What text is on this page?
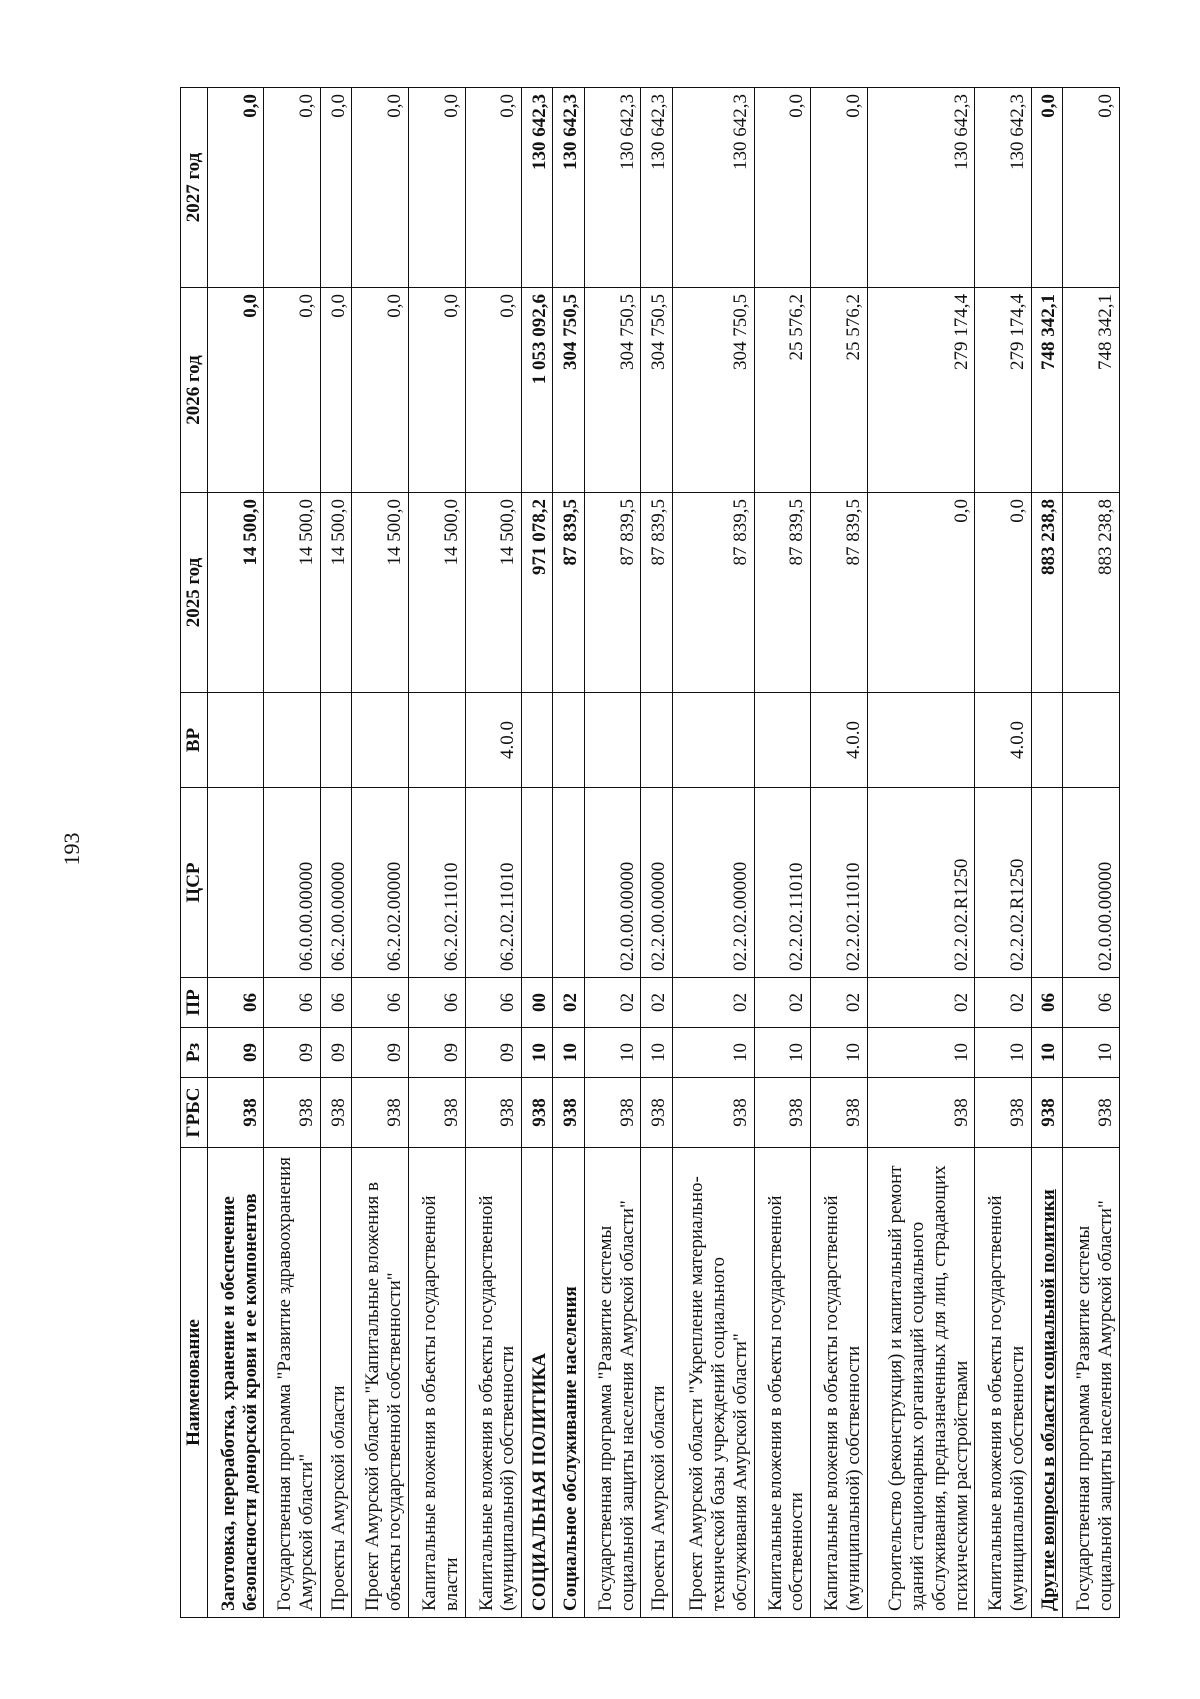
193
Наименование	ГРБС	Рз	ПР	ЦСР	ВР	2025 год	2026 год	2027 год
Заготовка, переработка, хранение и обеспечение безопасности донорской крови и ее компонентов	938	09	06			14 500,0	0,0	0,0
Государственная программа "Развитие здравоохранения Амурской области"	938	09	06	06.0.00.00000		14 500,0	0,0	0,0
Проекты Амурской области	938	09	06	06.2.00.00000		14 500,0	0,0	0,0
Проект Амурской области "Капитальные вложения в объекты государственной собственности"	938	09	06	06.2.02.00000		14 500,0	0,0	0,0
Капитальные вложения в объекты государственной власти	938	09	06	06.2.02.11010		14 500,0	0,0	0,0
Капитальные вложения в объекты государственной (муниципальной) собственности	938	09	06	06.2.02.11010	4.0.0	14 500,0	0,0	0,0
СОЦИАЛЬНАЯ ПОЛИТИКА	938	10	00			971 078,2	1 053 092,6	130 642,3
Социальное обслуживание населения	938	10	02			87 839,5	304 750,5	130 642,3
Государственная программа "Развитие системы социальной защиты населения Амурской области"	938	10	02	02.0.00.00000		87 839,5	304 750,5	130 642,3
Проекты Амурской области	938	10	02	02.2.00.00000		87 839,5	304 750,5	130 642,3
Проект Амурской области "Укрепление материально-технической базы учреждений социального обслуживания Амурской области"	938	10	02	02.2.02.00000		87 839,5	304 750,5	130 642,3
Капитальные вложения в объекты государственной собственности	938	10	02	02.2.02.11010		87 839,5	25 576,2	0,0
Капитальные вложения в объекты государственной (муниципальной) собственности	938	10	02	02.2.02.11010	4.0.0	87 839,5	25 576,2	0,0
Строительство (реконструкция) и капитальный ремонт зданий стационарных организаций социального обслуживания, предназначенных для лиц, страдающих психическими расстройствами	938	10	02	02.2.02.R1250		0,0	279 174,4	130 642,3
Капитальные вложения в объекты государственной (муниципальной) собственности	938	10	02	02.2.02.R1250	4.0.0	0,0	279 174,4	130 642,3
Другие вопросы в области социальной политики	938	10	06			883 238,8	748 342,1	0,0
Государственная программа "Развитие системы социальной защиты населения Амурской области"	938	10	06	02.0.00.00000		883 238,8	748 342,1	0,0
